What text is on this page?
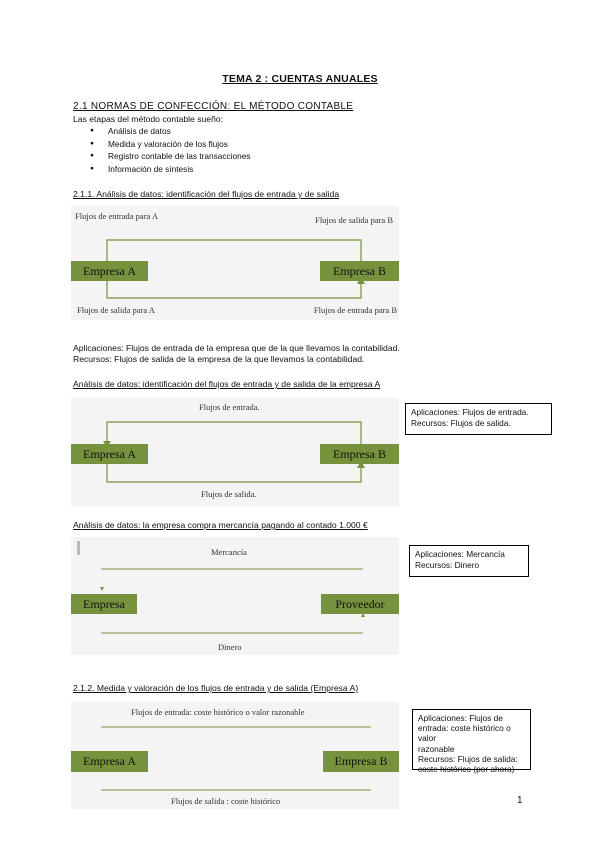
TEMA 2 : CUENTAS ANUALES
2.1 NORMAS DE CONFECCIÓN: EL MÉTODO CONTABLE
Las etapas del método contable sueño:
● Análisis de datos
● Medida y valoración de los flujos
● Registro contable de las transacciones
● Información de síntesis
2.1.1. Análisis de datos: identificación del flujos de entrada y de salida
Flujos de entrada para A	Flujos de salida para B
Empresa A	Empresa B
Flujos de salida para A	Flujos de entrada para B
Aplicaciones: Flujos de entrada de la empresa que de la que llevamos la contabilidad.
Recursos: Flujos de salida de la empresa de la que llevamos la contabilidad.
Análisis de datos: identificación del flujos de entrada y de salida de la empresa A
Flujos de entrada.
Empresa A	Empresa B
Flujos de salida.
Aplicaciones: Flujos de entrada.
Recursos: Flujos de salida.
Análisis de datos: la empresa compra mercancía pagando al contado 1.000 €
Mercancía
Empresa	Proveedor
Dinero
Aplicaciones: Mercancía
Recursos: Dinero
2.1.2. Medida y valoración de los flujos de entrada y de salida (Empresa A)
Flujos de entrada: coste histórico o valor razonable
Empresa A	Empresa B
Flujos de salida : coste histórico
Aplicaciones: Flujos de
entrada: coste histórico o valor
razonable
Recursos: Flujos de salida:
coste histórico (por ahora)
1
